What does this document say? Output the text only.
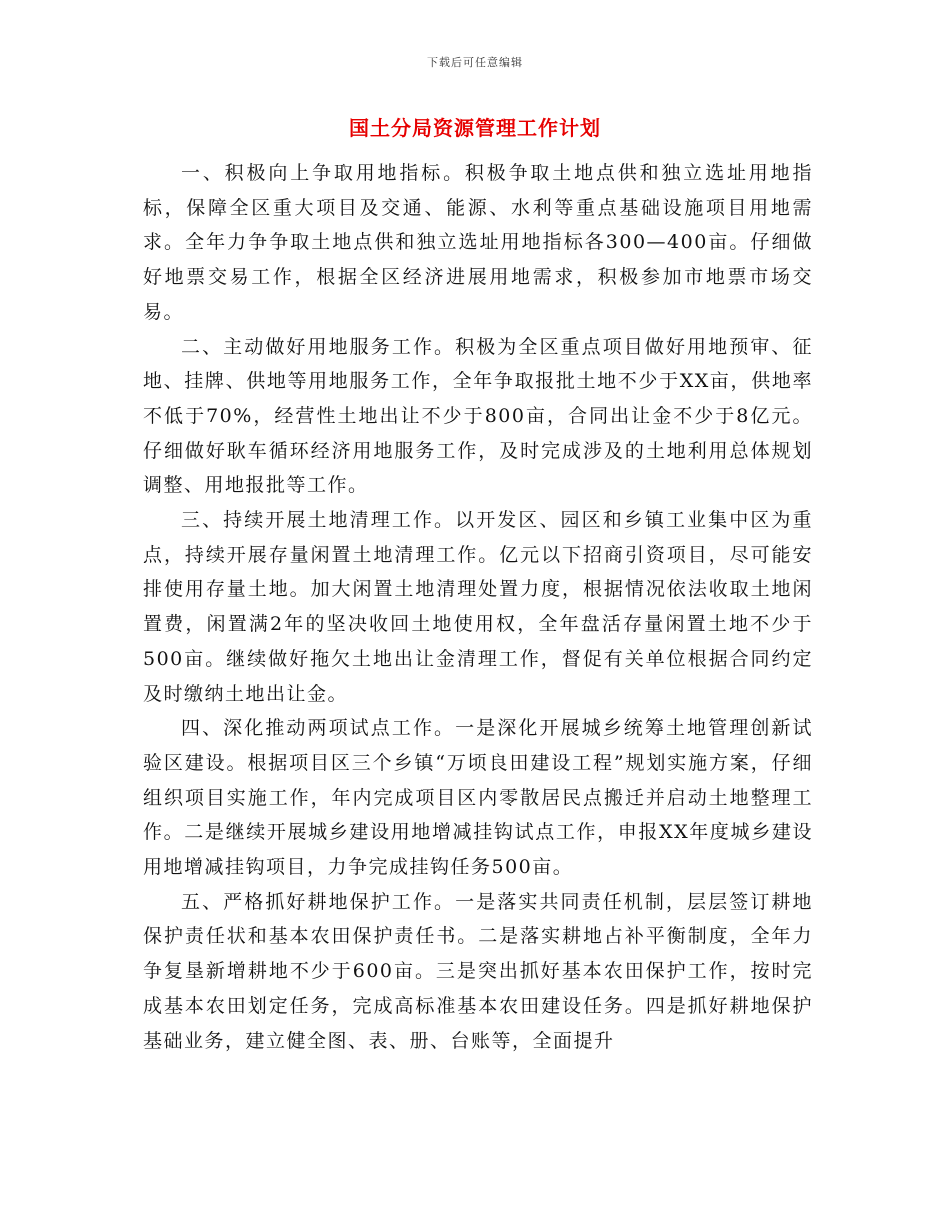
下载后可任意编辑
国土分局资源管理工作计划

一、积极向上争取用地指标。积极争取土地点供和独立选址用地指标，保障全区重大项目及交通、能源、水利等重点基础设施项目用地需求。全年力争争取土地点供和独立选址用地指标各300—400亩。仔细做好地票交易工作，根据全区经济进展用地需求，积极参加市地票市场交易。

二、主动做好用地服务工作。积极为全区重点项目做好用地预审、征地、挂牌、供地等用地服务工作，全年争取报批土地不少于XX亩，供地率不低于70%，经营性土地出让不少于800亩，合同出让金不少于8亿元。仔细做好耿车循环经济用地服务工作，及时完成涉及的土地利用总体规划调整、用地报批等工作。

三、持续开展土地清理工作。以开发区、园区和乡镇工业集中区为重点，持续开展存量闲置土地清理工作。亿元以下招商引资项目，尽可能安排使用存量土地。加大闲置土地清理处置力度，根据情况依法收取土地闲置费，闲置满2年的坚决收回土地使用权，全年盘活存量闲置土地不少于500亩。继续做好拖欠土地出让金清理工作，督促有关单位根据合同约定及时缴纳土地出让金。

四、深化推动两项试点工作。一是深化开展城乡统筹土地管理创新试验区建设。根据项目区三个乡镇“万顷良田建设工程”规划实施方案，仔细组织项目实施工作，年内完成项目区内零散居民点搬迁并启动土地整理工作。二是继续开展城乡建设用地增减挂钩试点工作，申报XX年度城乡建设用地增减挂钩项目，力争完成挂钩任务500亩。

五、严格抓好耕地保护工作。一是落实共同责任机制，层层签订耕地保护责任状和基本农田保护责任书。二是落实耕地占补平衡制度，全年力争复垦新增耕地不少于600亩。三是突出抓好基本农田保护工作，按时完成基本农田划定任务，完成高标准基本农田建设任务。四是抓好耕地保护基础业务，建立健全图、表、册、台账等，全面提升
